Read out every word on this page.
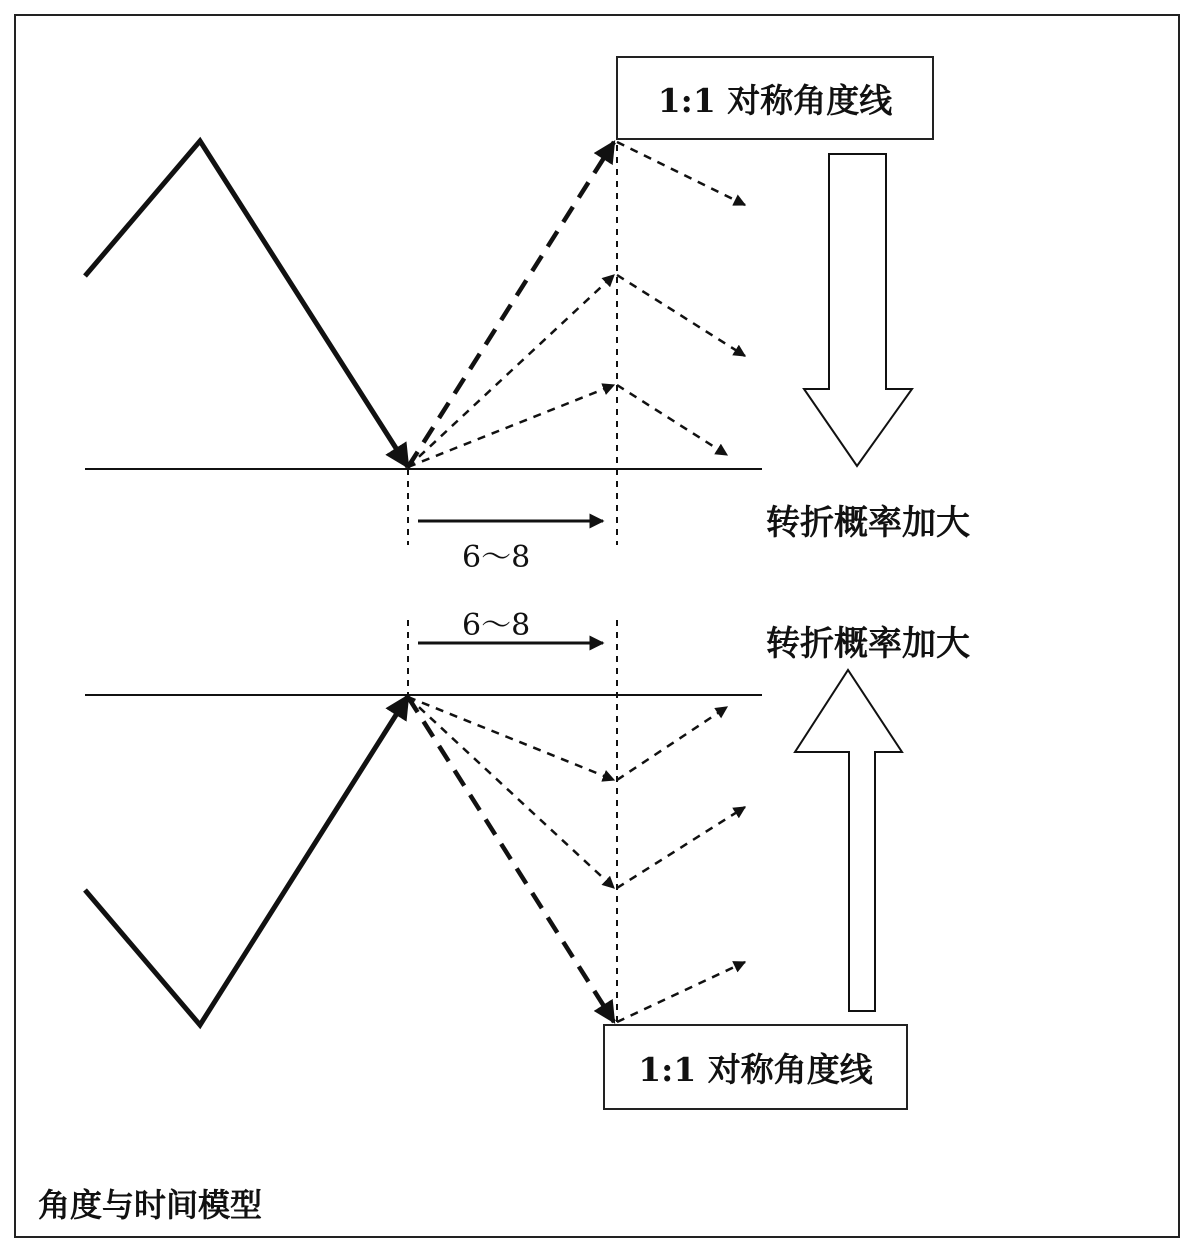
1:1 对称角度线
1:1 对称角度线
转折概率加大
转折概率加大
6～8
6～8
角度与时间模型
